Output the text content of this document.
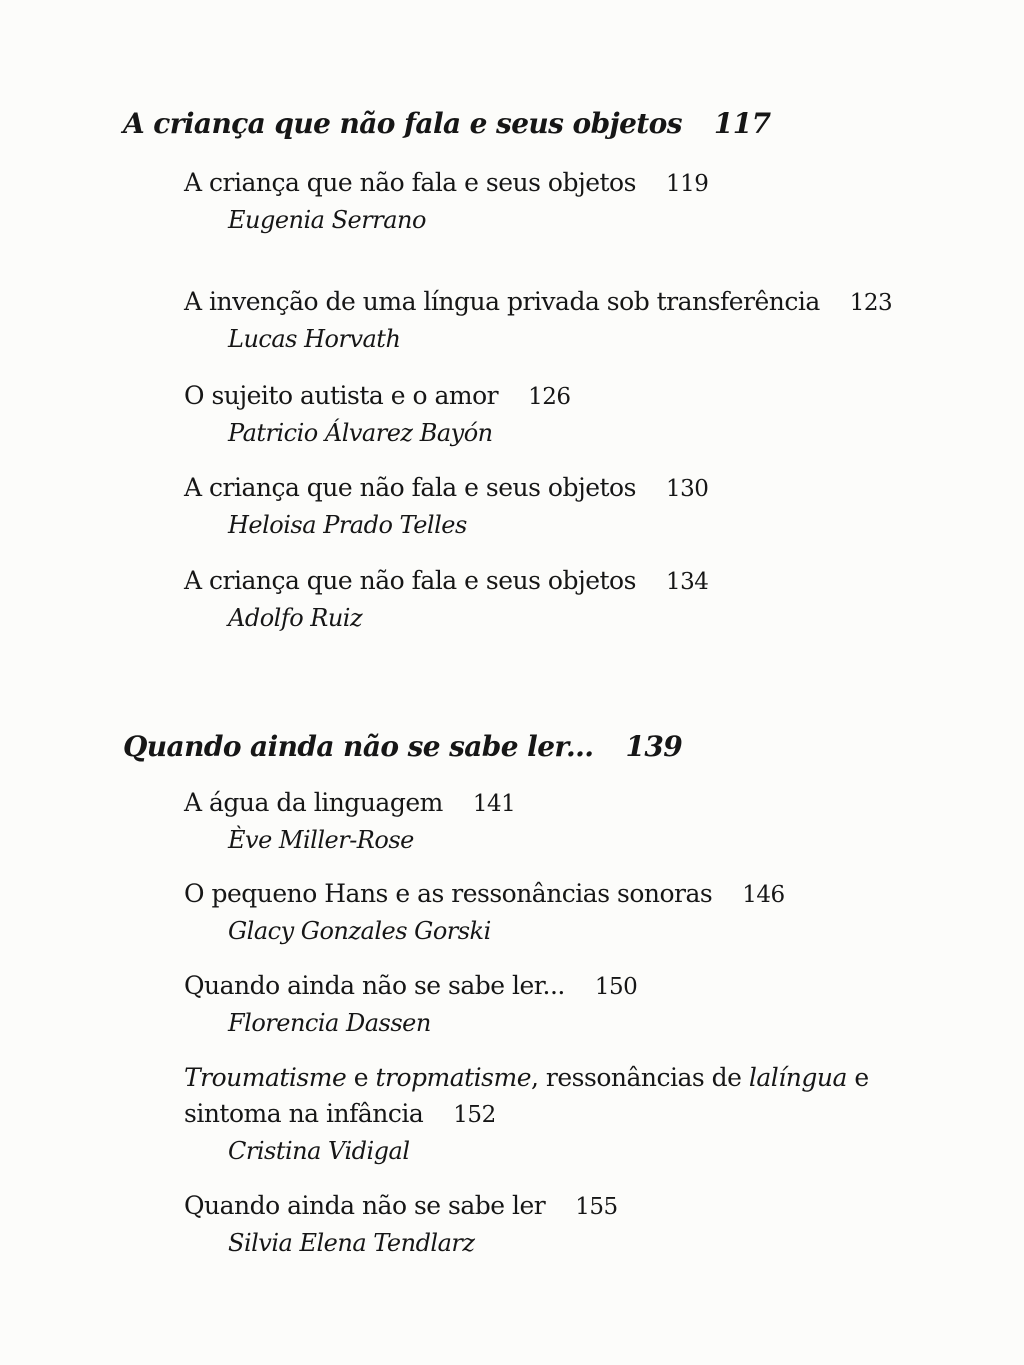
A criança que não fala e seus objetos 117
A criança que não fala e seus objetos 119
Eugenia Serrano
A invenção de uma língua privada sob transferência 123
Lucas Horvath
O sujeito autista e o amor 126
Patricio Álvarez Bayón
A criança que não fala e seus objetos 130
Heloisa Prado Telles
A criança que não fala e seus objetos 134
Adolfo Ruiz
Quando ainda não se sabe ler... 139
A água da linguagem 141
Ève Miller-Rose
O pequeno Hans e as ressonâncias sonoras 146
Glacy Gonzales Gorski
Quando ainda não se sabe ler... 150
Florencia Dassen
Troumatisme e tropmatisme, ressonâncias de lalíngua e
sintoma na infância 152
Cristina Vidigal
Quando ainda não se sabe ler 155
Silvia Elena Tendlarz
